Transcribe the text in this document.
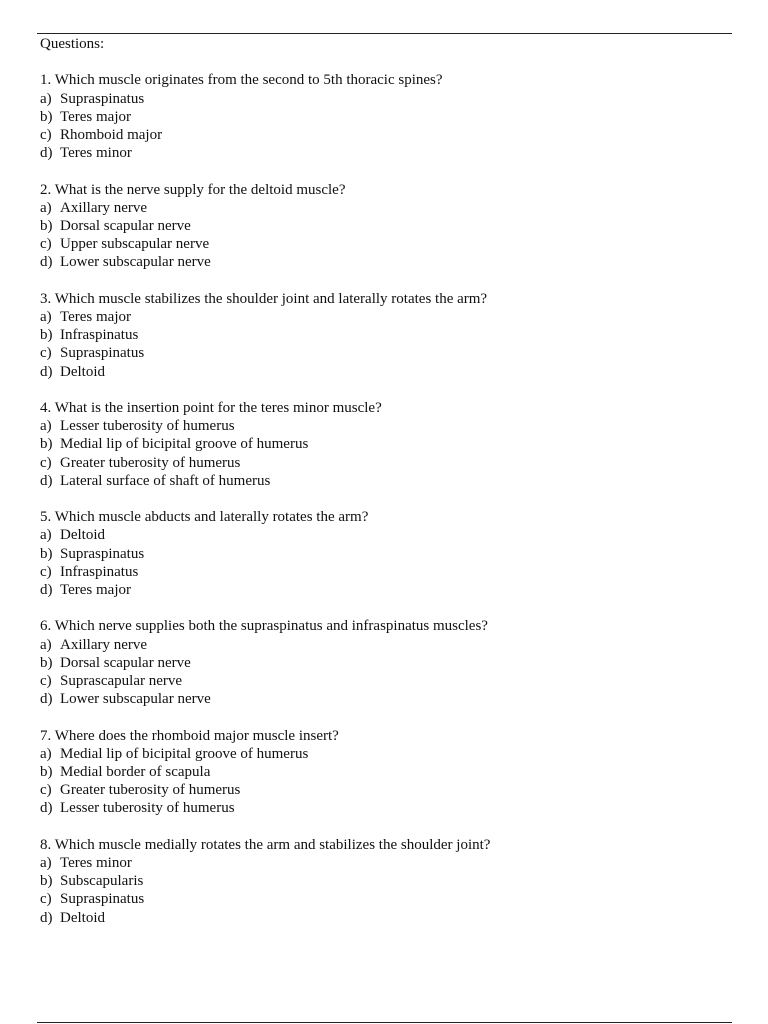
Questions:

1. Which muscle originates from the second to 5th thoracic spines?

a) Supraspinatus
b) Teres major
c) Rhomboid major
d) Teres minor

2. What is the nerve supply for the deltoid muscle?

a) Axillary nerve
b) Dorsal scapular nerve
c) Upper subscapular nerve
d) Lower subscapular nerve

3. Which muscle stabilizes the shoulder joint and laterally rotates the arm?

a) Teres major
b) Infraspinatus
c) Supraspinatus
d) Deltoid

4. What is the insertion point for the teres minor muscle?

a) Lesser tuberosity of humerus
b) Medial lip of bicipital groove of humerus
c) Greater tuberosity of humerus
d) Lateral surface of shaft of humerus

5. Which muscle abducts and laterally rotates the arm?

a) Deltoid
b) Supraspinatus
c) Infraspinatus
d) Teres major

6. Which nerve supplies both the supraspinatus and infraspinatus muscles?

a) Axillary nerve
b) Dorsal scapular nerve
c) Suprascapular nerve
d) Lower subscapular nerve

7. Where does the rhomboid major muscle insert?

a) Medial lip of bicipital groove of humerus
b) Medial border of scapula
c) Greater tuberosity of humerus
d) Lesser tuberosity of humerus

8. Which muscle medially rotates the arm and stabilizes the shoulder joint?

a) Teres minor
b) Subscapularis
c) Supraspinatus
d) Deltoid
